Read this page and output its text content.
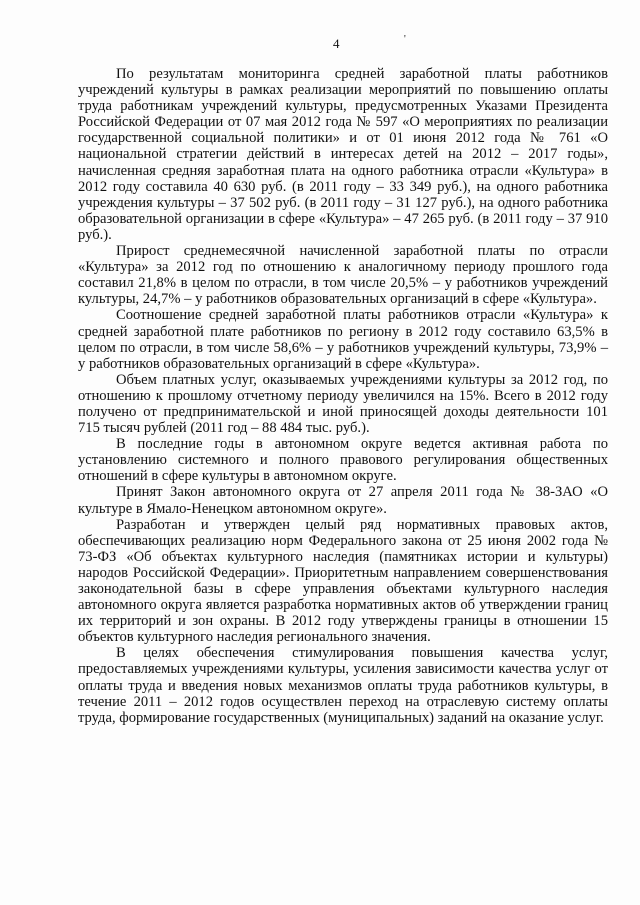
4	'

По результатам мониторинга средней заработной платы работников учреждений культуры в рамках реализации мероприятий по повышению оплаты труда работникам учреждений культуры, предусмотренных Указами Президента Российской Федерации от 07 мая 2012 года № 597 «О мероприятиях по реализации государственной социальной политики» и от 01 июня 2012 года № 761 «О национальной стратегии действий в интересах детей на 2012 – 2017 годы», начисленная средняя заработная плата на одного работника отрасли «Культура» в 2012 году составила 40 630 руб. (в 2011 году – 33 349 руб.), на одного работника учреждения культуры – 37 502 руб. (в 2011 году – 31 127 руб.), на одного работника образовательной организации в сфере «Культура» – 47 265 руб. (в 2011 году – 37 910 руб.).

Прирост среднемесячной начисленной заработной платы по отрасли «Культура» за 2012 год по отношению к аналогичному периоду прошлого года составил 21,8% в целом по отрасли, в том числе 20,5% – у работников учреждений культуры, 24,7% – у работников образовательных организаций в сфере «Культура».

Соотношение средней заработной платы работников отрасли «Культура» к средней заработной плате работников по региону в 2012 году составило 63,5% в целом по отрасли, в том числе 58,6% – у работников учреждений культуры, 73,9% – у работников образовательных организаций в сфере «Культура».

Объем платных услуг, оказываемых учреждениями культуры за 2012 год, по отношению к прошлому отчетному периоду увеличился на 15%. Всего в 2012 году получено от предпринимательской и иной приносящей доходы деятельности 101 715 тысяч рублей (2011 год – 88 484 тыс. руб.).

В последние годы в автономном округе ведется активная работа по установлению системного и полного правового регулирования общественных отношений в сфере культуры в автономном округе.

Принят Закон автономного округа от 27 апреля 2011 года № 38-ЗАО «О культуре в Ямало-Ненецком автономном округе».

Разработан и утвержден целый ряд нормативных правовых актов, обеспечивающих реализацию норм Федерального закона от 25 июня 2002 года № 73-ФЗ «Об объектах культурного наследия (памятниках истории и культуры) народов Российской Федерации». Приоритетным направлением совершенствования законодательной базы в сфере управления объектами культурного наследия автономного округа является разработка нормативных актов об утверждении границ их территорий и зон охраны. В 2012 году утверждены границы в отношении 15 объектов культурного наследия регионального значения.

В целях обеспечения стимулирования повышения качества услуг, предоставляемых учреждениями культуры, усиления зависимости качества услуг от оплаты труда и введения новых механизмов оплаты труда работников культуры, в течение 2011 – 2012 годов осуществлен переход на отраслевую систему оплаты труда, формирование государственных (муниципальных) заданий на оказание услуг.
